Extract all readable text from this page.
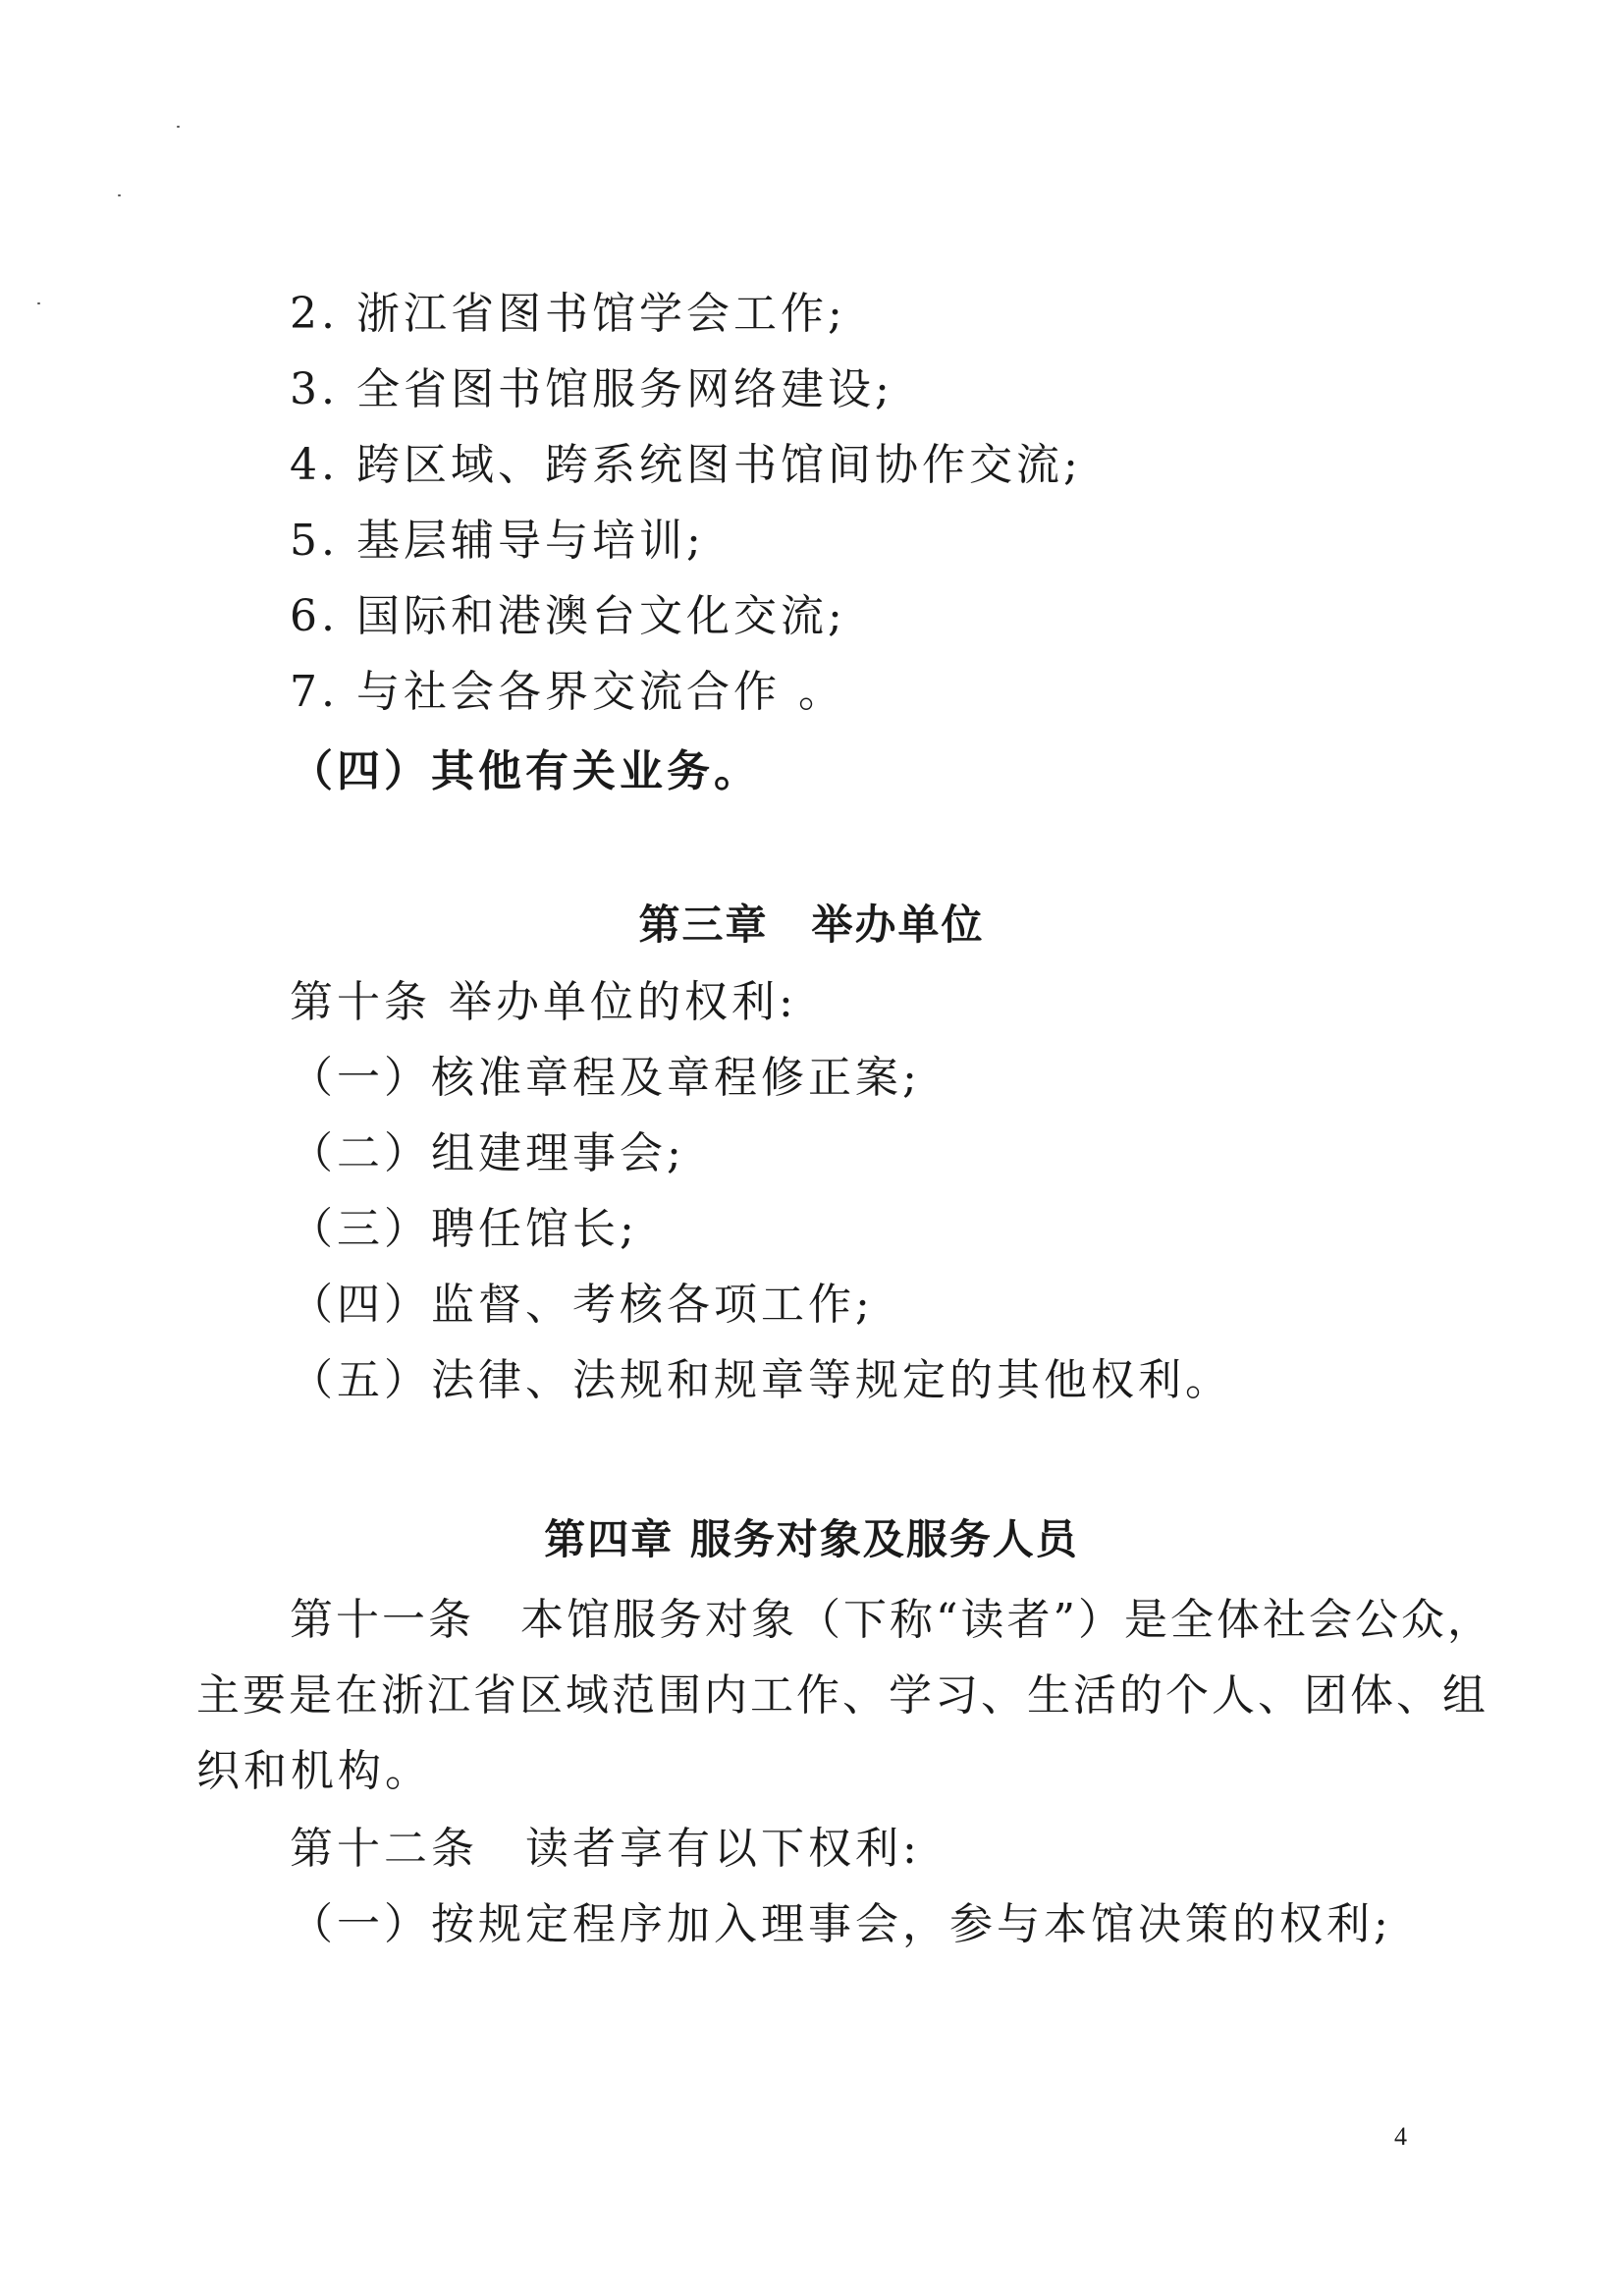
2. 浙江省图书馆学会工作;
3. 全省图书馆服务网络建设;
4. 跨区域、跨系统图书馆间协作交流;
5. 基层辅导与培训;
6. 国际和港澳台文化交流;
7. 与社会各界交流合作 。
（四）其他有关业务。
第三章　举办单位
第十条 举办单位的权利:
（一）核准章程及章程修正案;
（二）组建理事会;
（三）聘任馆长;
（四）监督、考核各项工作;
（五）法律、法规和规章等规定的其他权利。
第四章 服务对象及服务人员
第十一条　本馆服务对象（下称“读者”）是全体社会公众，
主要是在浙江省区域范围内工作、学习、生活的个人、团体、组
织和机构。
第十二条　读者享有以下权利:
（一）按规定程序加入理事会，参与本馆决策的权利;
4
